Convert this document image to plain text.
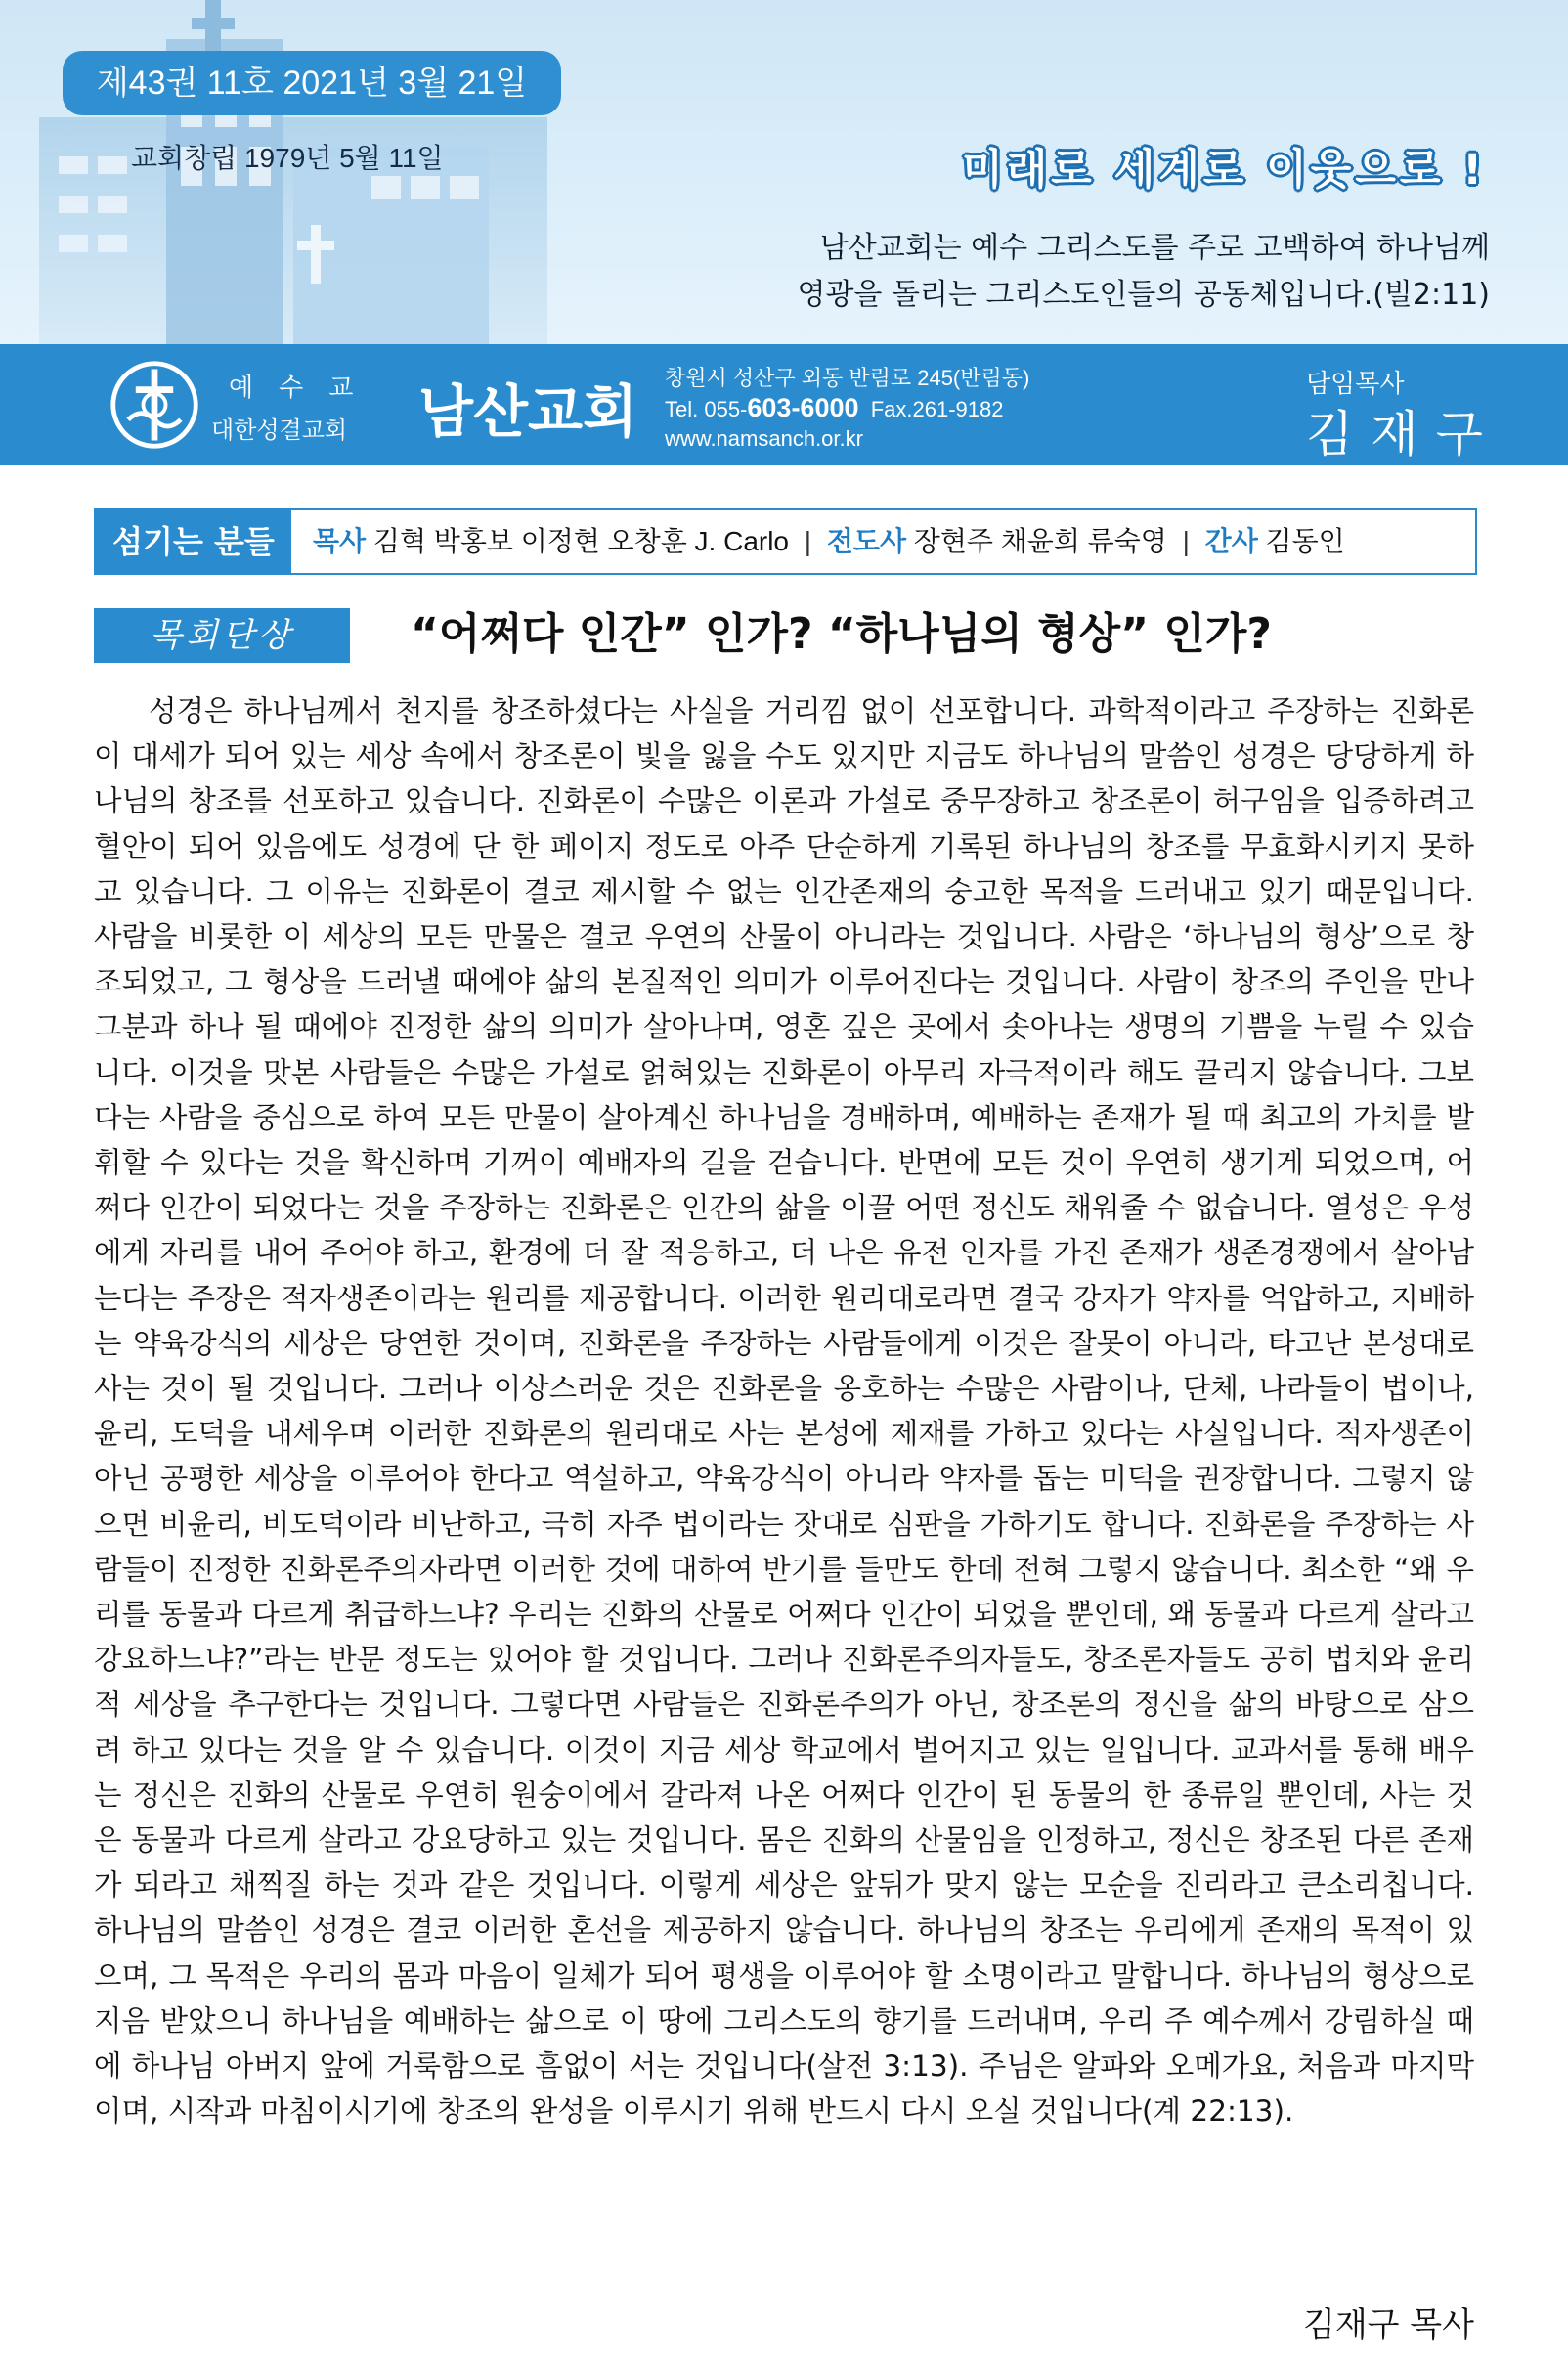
제43권 11호 2021년 3월 21일
교회창립 1979년 5월 11일	미래로 세계로 이웃으로 !
남산교회는 예수 그리스도를 주로 고백하여 하나님께
영광을 돌리는 그리스도인들의 공동체입니다.(빌2:11)
예수교
대한성결교회 남산교회
창원시 성산구 외동 반림로 245(반림동)
Tel. 055-603-6000 Fax.261-9182
www.namsanch.or.kr
담임목사
김재구
섬기는 분들	목사 김혁 박홍보 이정현 오창훈 J. Carlo | 전도사 장현주 채윤희 류숙영 | 간사 김동인
목회단상	“어쩌다 인간” 인가? “하나님의 형상” 인가?
성경은 하나님께서 천지를 창조하셨다는 사실을 거리낌 없이 선포합니다. 과학적이라고 주장하는 진화론이 대세가 되어 있는 세상 속에서 창조론이 빛을 잃을 수도 있지만 지금도 하나님의 말씀인 성경은 당당하게 하나님의 창조를 선포하고 있습니다. 진화론이 수많은 이론과 가설로 중무장하고 창조론이 허구임을 입증하려고 혈안이 되어 있음에도 성경에 단 한 페이지 정도로 아주 단순하게 기록된 하나님의 창조를 무효화시키지 못하고 있습니다. 그 이유는 진화론이 결코 제시할 수 없는 인간존재의 숭고한 목적을 드러내고 있기 때문입니다. 사람을 비롯한 이 세상의 모든 만물은 결코 우연의 산물이 아니라는 것입니다. 사람은 ‘하나님의 형상’으로 창조되었고, 그 형상을 드러낼 때에야 삶의 본질적인 의미가 이루어진다는 것입니다. 사람이 창조의 주인을 만나 그분과 하나 될 때에야 진정한 삶의 의미가 살아나며, 영혼 깊은 곳에서 솟아나는 생명의 기쁨을 누릴 수 있습니다. 이것을 맛본 사람들은 수많은 가설로 얽혀있는 진화론이 아무리 자극적이라 해도 끌리지 않습니다. 그보다는 사람을 중심으로 하여 모든 만물이 살아계신 하나님을 경배하며, 예배하는 존재가 될 때 최고의 가치를 발휘할 수 있다는 것을 확신하며 기꺼이 예배자의 길을 걷습니다. 반면에 모든 것이 우연히 생기게 되었으며, 어쩌다 인간이 되었다는 것을 주장하는 진화론은 인간의 삶을 이끌 어떤 정신도 채워줄 수 없습니다. 열성은 우성에게 자리를 내어 주어야 하고, 환경에 더 잘 적응하고, 더 나은 유전 인자를 가진 존재가 생존경쟁에서 살아남는다는 주장은 적자생존이라는 원리를 제공합니다. 이러한 원리대로라면 결국 강자가 약자를 억압하고, 지배하는 약육강식의 세상은 당연한 것이며, 진화론을 주장하는 사람들에게 이것은 잘못이 아니라, 타고난 본성대로 사는 것이 될 것입니다. 그러나 이상스러운 것은 진화론을 옹호하는 수많은 사람이나, 단체, 나라들이 법이나, 윤리, 도덕을 내세우며 이러한 진화론의 원리대로 사는 본성에 제재를 가하고 있다는 사실입니다. 적자생존이 아닌 공평한 세상을 이루어야 한다고 역설하고, 약육강식이 아니라 약자를 돕는 미덕을 권장합니다. 그렇지 않으면 비윤리, 비도덕이라 비난하고, 극히 자주 법이라는 잣대로 심판을 가하기도 합니다. 진화론을 주장하는 사람들이 진정한 진화론주의자라면 이러한 것에 대하여 반기를 들만도 한데 전혀 그렇지 않습니다. 최소한 “왜 우리를 동물과 다르게 취급하느냐? 우리는 진화의 산물로 어쩌다 인간이 되었을 뿐인데, 왜 동물과 다르게 살라고 강요하느냐?”라는 반문 정도는 있어야 할 것입니다. 그러나 진화론주의자들도, 창조론자들도 공히 법치와 윤리적 세상을 추구한다는 것입니다. 그렇다면 사람들은 진화론주의가 아닌, 창조론의 정신을 삶의 바탕으로 삼으려 하고 있다는 것을 알 수 있습니다. 이것이 지금 세상 학교에서 벌어지고 있는 일입니다. 교과서를 통해 배우는 정신은 진화의 산물로 우연히 원숭이에서 갈라져 나온 어쩌다 인간이 된 동물의 한 종류일 뿐인데, 사는 것은 동물과 다르게 살라고 강요당하고 있는 것입니다. 몸은 진화의 산물임을 인정하고, 정신은 창조된 다른 존재가 되라고 채찍질 하는 것과 같은 것입니다. 이렇게 세상은 앞뒤가 맞지 않는 모순을 진리라고 큰소리칩니다. 하나님의 말씀인 성경은 결코 이러한 혼선을 제공하지 않습니다. 하나님의 창조는 우리에게 존재의 목적이 있으며, 그 목적은 우리의 몸과 마음이 일체가 되어 평생을 이루어야 할 소명이라고 말합니다. 하나님의 형상으로 지음 받았으니 하나님을 예배하는 삶으로 이 땅에 그리스도의 향기를 드러내며, 우리 주 예수께서 강림하실 때에 하나님 아버지 앞에 거룩함으로 흠없이 서는 것입니다(살전 3:13). 주님은 알파와 오메가요, 처음과 마지막이며, 시작과 마침이시기에 창조의 완성을 이루시기 위해 반드시 다시 오실 것입니다(계 22:13).
김재구 목사
